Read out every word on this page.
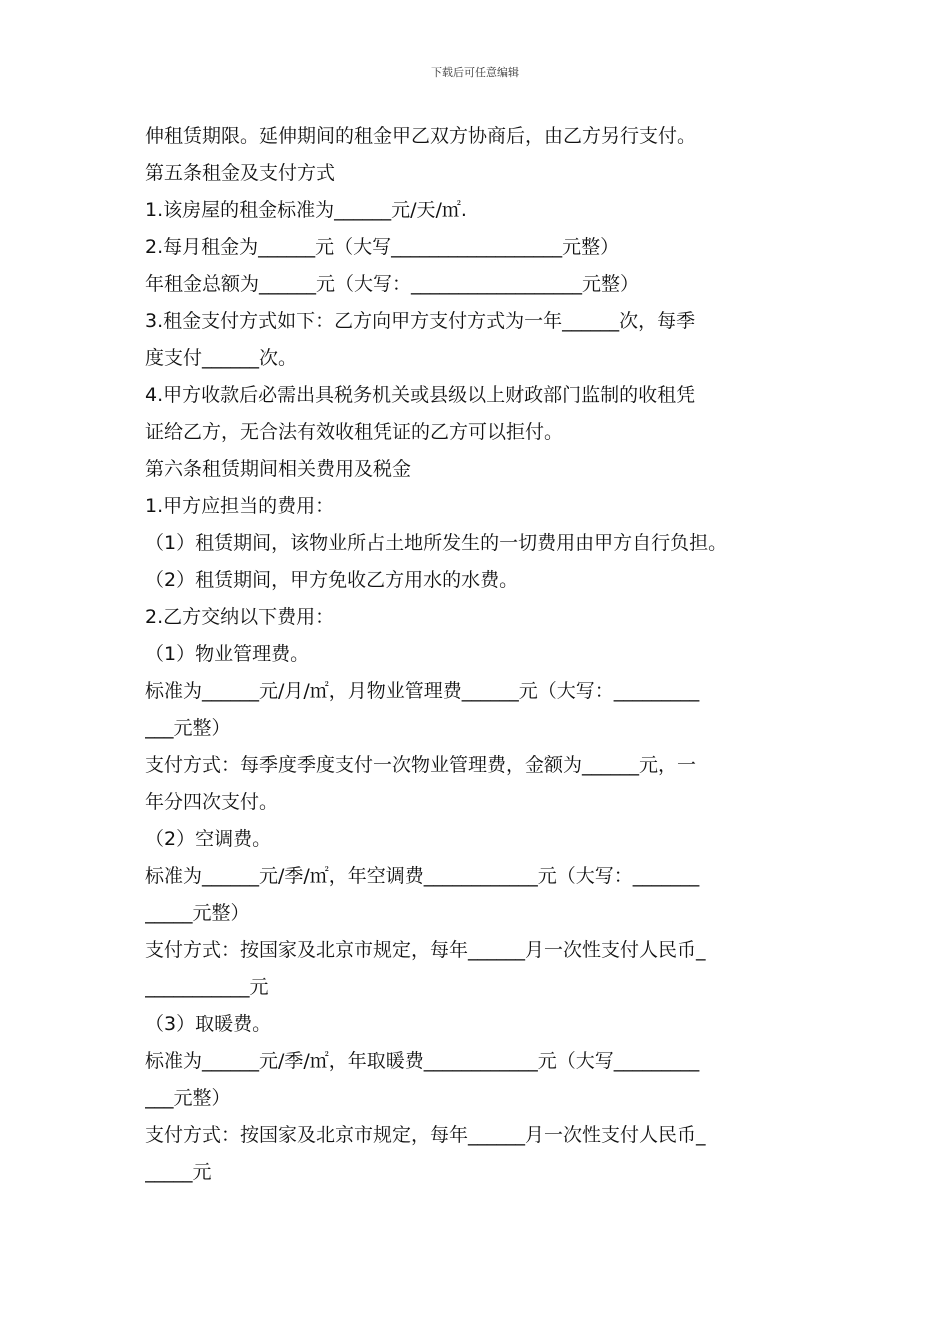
下载后可任意编辑
伸租赁期限。延伸期间的租金甲乙双方协商后，由乙方另行支付。
第五条租金及支付方式
1.该房屋的租金标准为______元/天/㎡.
2.每月租金为______元（大写__________________元整）
年租金总额为______元（大写：__________________元整）
3.租金支付方式如下：乙方向甲方支付方式为一年______次，每季
度支付______次。
4.甲方收款后必需出具税务机关或县级以上财政部门监制的收租凭
证给乙方，无合法有效收租凭证的乙方可以拒付。
第六条租赁期间相关费用及税金
1.甲方应担当的费用：
（1）租赁期间，该物业所占土地所发生的一切费用由甲方自行负担。
（2）租赁期间，甲方免收乙方用水的水费。
2.乙方交纳以下费用：
（1）物业管理费。
标准为______元/月/㎡，月物业管理费______元（大写：_________
___元整）
支付方式：每季度季度支付一次物业管理费，金额为______元，一
年分四次支付。
（2）空调费。
标准为______元/季/㎡，年空调费____________元（大写：_______
_____元整）
支付方式：按国家及北京市规定，每年______月一次性支付人民币_
___________元
（3）取暖费。
标准为______元/季/㎡，年取暖费____________元（大写_________
___元整）
支付方式：按国家及北京市规定，每年______月一次性支付人民币_
_____元
